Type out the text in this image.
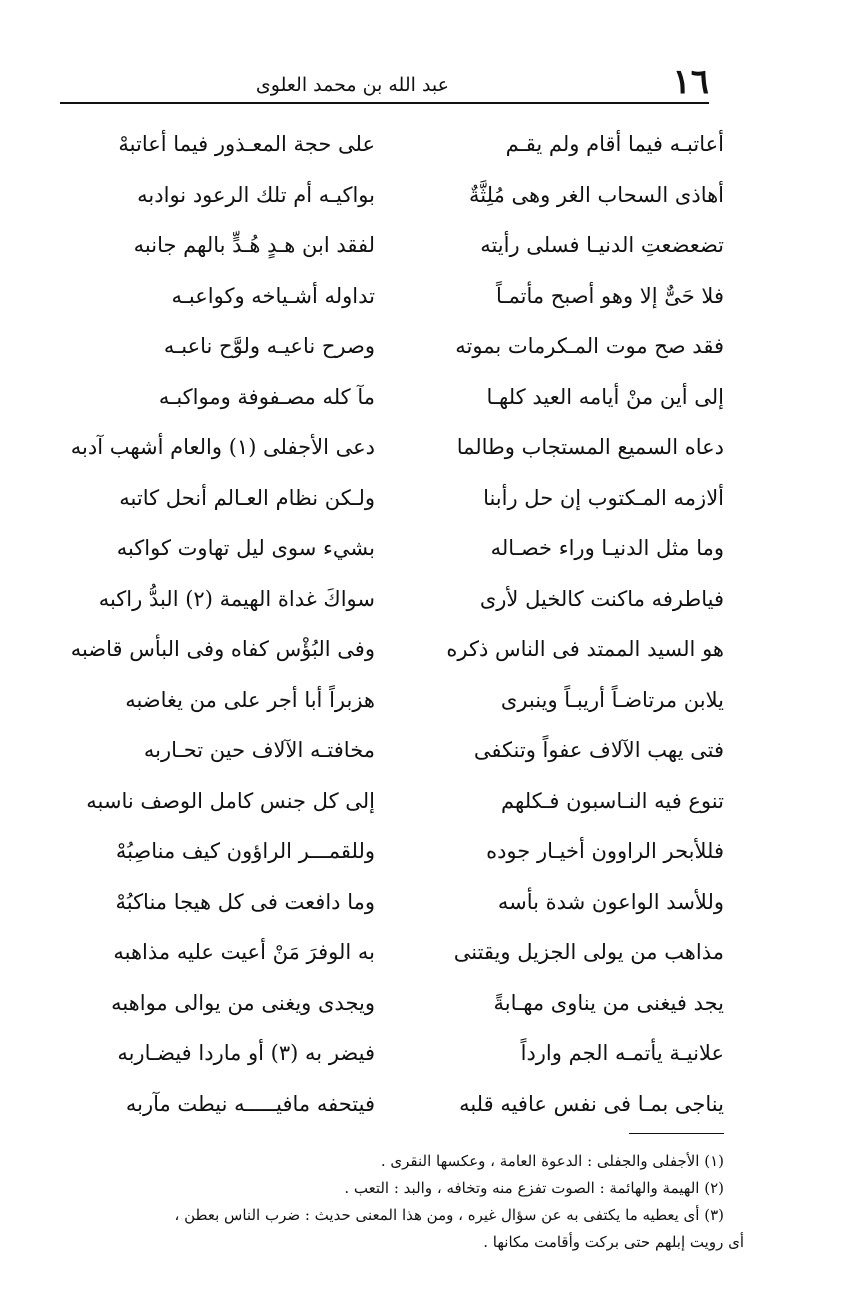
١٦
عبد الله بن محمد العلوى
أعاتبـه فيما أقام ولم يقـم
على حجة المعـذور فيما أعاتبهْ
أهاذى السحاب الغر وهى مُلِثَّةٌ
بواكيـه أم تلك الرعود نوادبه
تضعضعتِ الدنيـا فسلى رأيته
لفقد ابن هـدٍ هُـدٍّ بالهم جانبه
فلا حَىٌّ إلا وهو أصبح مأتمـاً
تداوله أشـياخه وكواعبـه
فقد صح موت المـكرمات بموته
وصرح ناعيـه ولوَّح ناعبـه
إلى أين منْ أيامه العيد كلهـا
مآ كله مصـفوفة ومواكبـه
دعاه السميع المستجاب وطالما
دعى الأجفلى (١) والعام أشهب آدبه
ألازمه المـكتوب إن حل رأبنا
ولـكن نظام العـالم أنحل كاتبه
وما مثل الدنيـا وراء خصـاله
بشيء سوى ليل تهاوت كواكبه
فياطرفه ماكنت كالخيل لأرى
سواكَ غداة الهيمة (٢) البدُّ راكبه
هو السيد الممتد فى الناس ذكره
وفى البُؤْس كفاه وفى البأس قاضبه
يلابن مرتاضـاً أريبـاً وينبرى
هزبراً أبا أجر على من يغاضبه
فتى يهب الآلاف عفواً وتنكفى
مخافتـه الآلاف حين تحـاربه
تنوع فيه النـاسبون فـكلهم
إلى كل جنس كامل الوصف ناسبه
فللأبحر الراوون أخيـار جوده
وللقمـــر الراؤون كيف مناصِبُهْ
وللأسد الواعون شدة بأسه
وما دافعت فى كل هيجا مناكبُهْ
مذاهب من يولى الجزيل ويقتنى
به الوفرَ مَنْ أعيت عليه مذاهبه
يجد فيغنى من يناوى مهـابةً
ويجدى ويغنى من يوالى مواهبه
علانيـة يأتمـه الجم وارداً
فيضر به (٣) أو ماردا فيضـاربه
يناجى بمـا فى نفس عافيه قلبه
فيتحفه مافيـــــه نيطت مآربه
(١) الأجفلى والجفلى : الدعوة العامة ، وعكسها النقرى .
(٢) الهيمة والهائمة : الصوت تفزع منه وتخافه ، والبد : التعب .
(٣) أى يعطيه ما يكتفى به عن سؤال غيره ، ومن هذا المعنى حديث : ضرب الناس بعطن ،
أى رويت إبلهم حتى بركت وأقامت مكانها .
